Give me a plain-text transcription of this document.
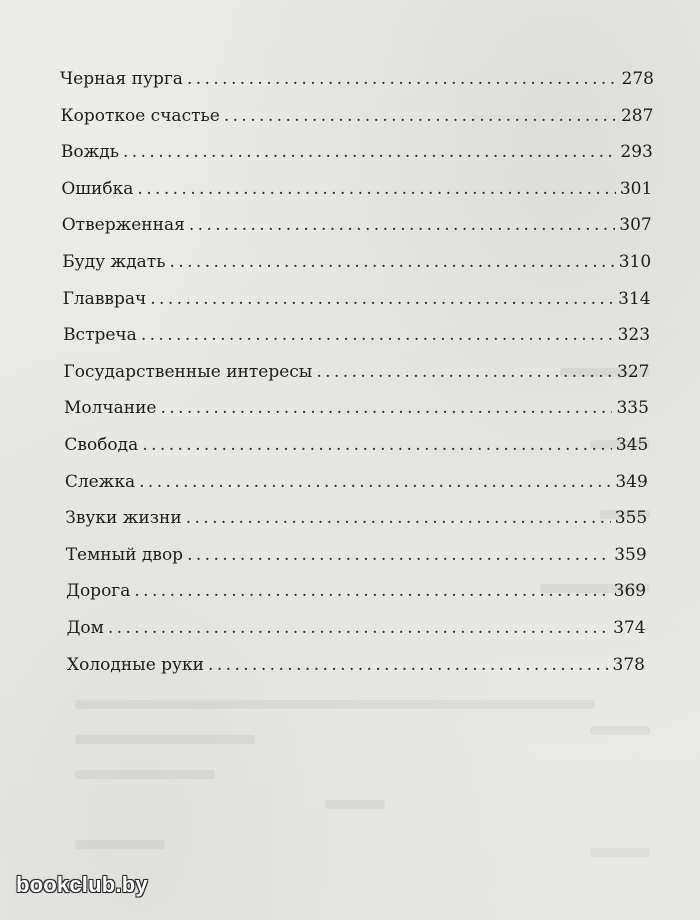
Черная пурга . . .	278
Короткое счастье . . .	287
Вождь . . .	293
Ошибка . . .	301
Отверженная . . .	307
Буду ждать . . .	310
Главврач . . .	314
Встреча . . .	323
Государственные интересы . . .	327
Молчание . . .	335
Свобода . . .	345
Слежка . . .	349
Звуки жизни . . .	355
Темный двор . . .	359
Дорога . . .	369
Дом . . .	374
Холодные руки . . .	378
bookclub.by
